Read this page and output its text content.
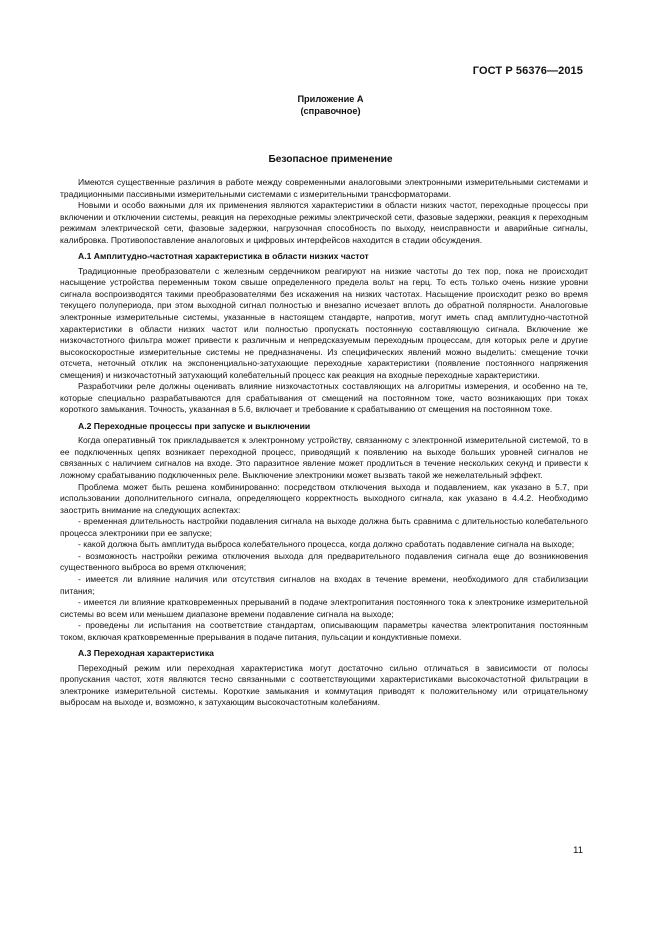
ГОСТ Р 56376—2015
Приложение А
(справочное)
Безопасное применение

Имеются существенные различия в работе между современными аналоговыми электронными измерительными системами и традиционными пассивными измерительными системами с измерительными трансформаторами.

Новыми и особо важными для их применения являются характеристики в области низких частот, переходные процессы при включении и отключении системы, реакция на переходные режимы электрической сети, фазовые задержки, реакция к переходным режимам электрической сети, фазовые задержки, нагрузочная способность по выходу, неисправности и аварийные сигналы, калибровка. Противопоставление аналоговых и цифровых интерфейсов находится в стадии обсуждения.

А.1 Амплитудно-частотная характеристика в области низких частот

Традиционные преобразователи с железным сердечником реагируют на низкие частоты до тех пор, пока не происходит насыщение устройства переменным током свыше определенного предела вольт на герц. То есть только очень низкие уровни сигнала воспроизводятся такими преобразователями без искажения на низких частотах. Насыщение происходит резко во время текущего полупериода, при этом выходной сигнал полностью и внезапно исчезает вплоть до обратной полярности. Аналоговые электронные измерительные системы, указанные в настоящем стандарте, напротив, могут иметь спад амплитудно-частотной характеристики в области низких частот или полностью пропускать постоянную составляющую сигнала. Включение же низкочастотного фильтра может привести к различным и непредсказуемым переходным процессам, для которых реле и другие высокоскоростные измерительные системы не предназначены. Из специфических явлений можно выделить: смещение точки отсчета, неточный отклик на экспоненциально-затухающие переходные характеристики (появление постоянного напряжения смещения) и низкочастотный затухающий колебательный процесс как реакция на входные переходные характеристики.

Разработчики реле должны оценивать влияние низкочастотных составляющих на алгоритмы измерения, и особенно на те, которые специально разрабатываются для срабатывания от смещений на постоянном токе, часто возникающих при токах короткого замыкания. Точность, указанная в 5.6, включает и требование к срабатыванию от смещения на постоянном токе.

А.2 Переходные процессы при запуске и выключении

Когда оперативный ток прикладывается к электронному устройству, связанному с электронной измерительной системой, то в ее подключенных цепях возникает переходной процесс, приводящий к появлению на выходе больших уровней сигналов не связанных с наличием сигналов на входе. Это паразитное явление может продлиться в течение нескольких секунд и привести к ложному срабатыванию подключенных реле. Выключение электроники может вызвать такой же нежелательный эффект.

Проблема может быть решена комбинированно: посредством отключения выхода и подавлением, как указано в 5.7, при использовании дополнительного сигнала, определяющего корректность выходного сигнала, как указано в 4.4.2. Необходимо заострить внимание на следующих аспектах:

- временная длительность настройки подавления сигнала на выходе должна быть сравнима с длительностью колебательного процесса электроники при ее запуске;

- какой должна быть амплитуда выброса колебательного процесса, когда должно сработать подавление сигнала на выходе;

- возможность настройки режима отключения выхода для предварительного подавления сигнала еще до возникновения существенного выброса во время отключения;

- имеется ли влияние наличия или отсутствия сигналов на входах в течение времени, необходимого для стабилизации питания;

- имеется ли влияние кратковременных прерываний в подаче электропитания постоянного тока к электронике измерительной системы во всем или меньшем диапазоне времени подавление сигнала на выходе;

- проведены ли испытания на соответствие стандартам, описывающим параметры качества электропитания постоянным током, включая кратковременные прерывания в подаче питания, пульсации и кондуктивные помехи.

А.3 Переходная характеристика

Переходный режим или переходная характеристика могут достаточно сильно отличаться в зависимости от полосы пропускания частот, хотя являются тесно связанными с соответствующими характеристиками высокочастотной фильтрации в электронике измерительной системы. Короткие замыкания и коммутация приводят к положительному или отрицательному выбросам на выходе и, возможно, к затухающим высокочастотным колебаниям.

11
